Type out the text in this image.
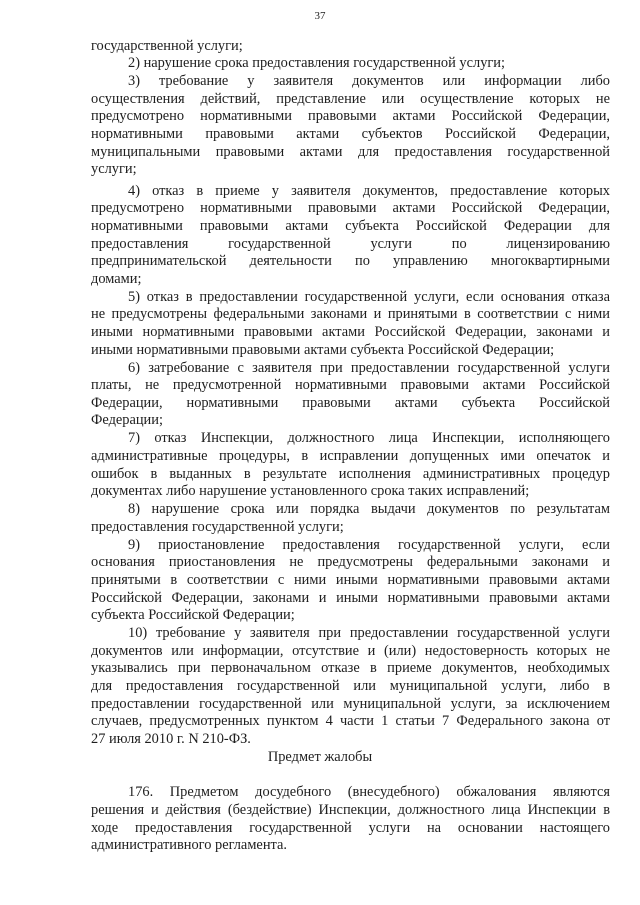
37
государственной услуги;
2) нарушение срока предоставления государственной услуги;
3) требование у заявителя документов или информации либо
осуществления действий, представление или осуществление которых не
предусмотрено нормативными правовыми актами Российской Федерации,
нормативными правовыми актами субъектов Российской Федерации,
муниципальными правовыми актами для предоставления государственной
услуги;
4) отказ в приеме у заявителя документов, предоставление которых
предусмотрено нормативными правовыми актами Российской Федерации,
нормативными правовыми актами субъекта Российской Федерации для
предоставления государственной услуги по лицензированию
предпринимательской деятельности по управлению многоквартирными
домами;
5) отказ в предоставлении государственной услуги, если основания отказа
не предусмотрены федеральными законами и принятыми в соответствии с ними
иными нормативными правовыми актами Российской Федерации, законами и
иными нормативными правовыми актами субъекта Российской Федерации;
6) затребование с заявителя при предоставлении государственной услуги
платы, не предусмотренной нормативными правовыми актами Российской
Федерации, нормативными правовыми актами субъекта Российской
Федерации;
7) отказ Инспекции, должностного лица Инспекции, исполняющего
административные процедуры, в исправлении допущенных ими опечаток и
ошибок в выданных в результате исполнения административных процедур
документах либо нарушение установленного срока таких исправлений;
8) нарушение срока или порядка выдачи документов по результатам
предоставления государственной услуги;
9) приостановление предоставления государственной услуги, если
основания приостановления не предусмотрены федеральными законами и
принятыми в соответствии с ними иными нормативными правовыми актами
Российской Федерации, законами и иными нормативными правовыми актами
субъекта Российской Федерации;
10) требование у заявителя при предоставлении государственной услуги
документов или информации, отсутствие и (или) недостоверность которых не
указывались при первоначальном отказе в приеме документов, необходимых
для предоставления государственной или муниципальной услуги, либо в
предоставлении государственной или муниципальной услуги, за исключением
случаев, предусмотренных пунктом 4 части 1 статьи 7 Федерального закона от
27 июля 2010 г. N 210-ФЗ.
Предмет жалобы
176. Предметом досудебного (внесудебного) обжалования являются
решения и действия (бездействие) Инспекции, должностного лица Инспекции в
ходе предоставления государственной услуги на основании настоящего
административного регламента.
